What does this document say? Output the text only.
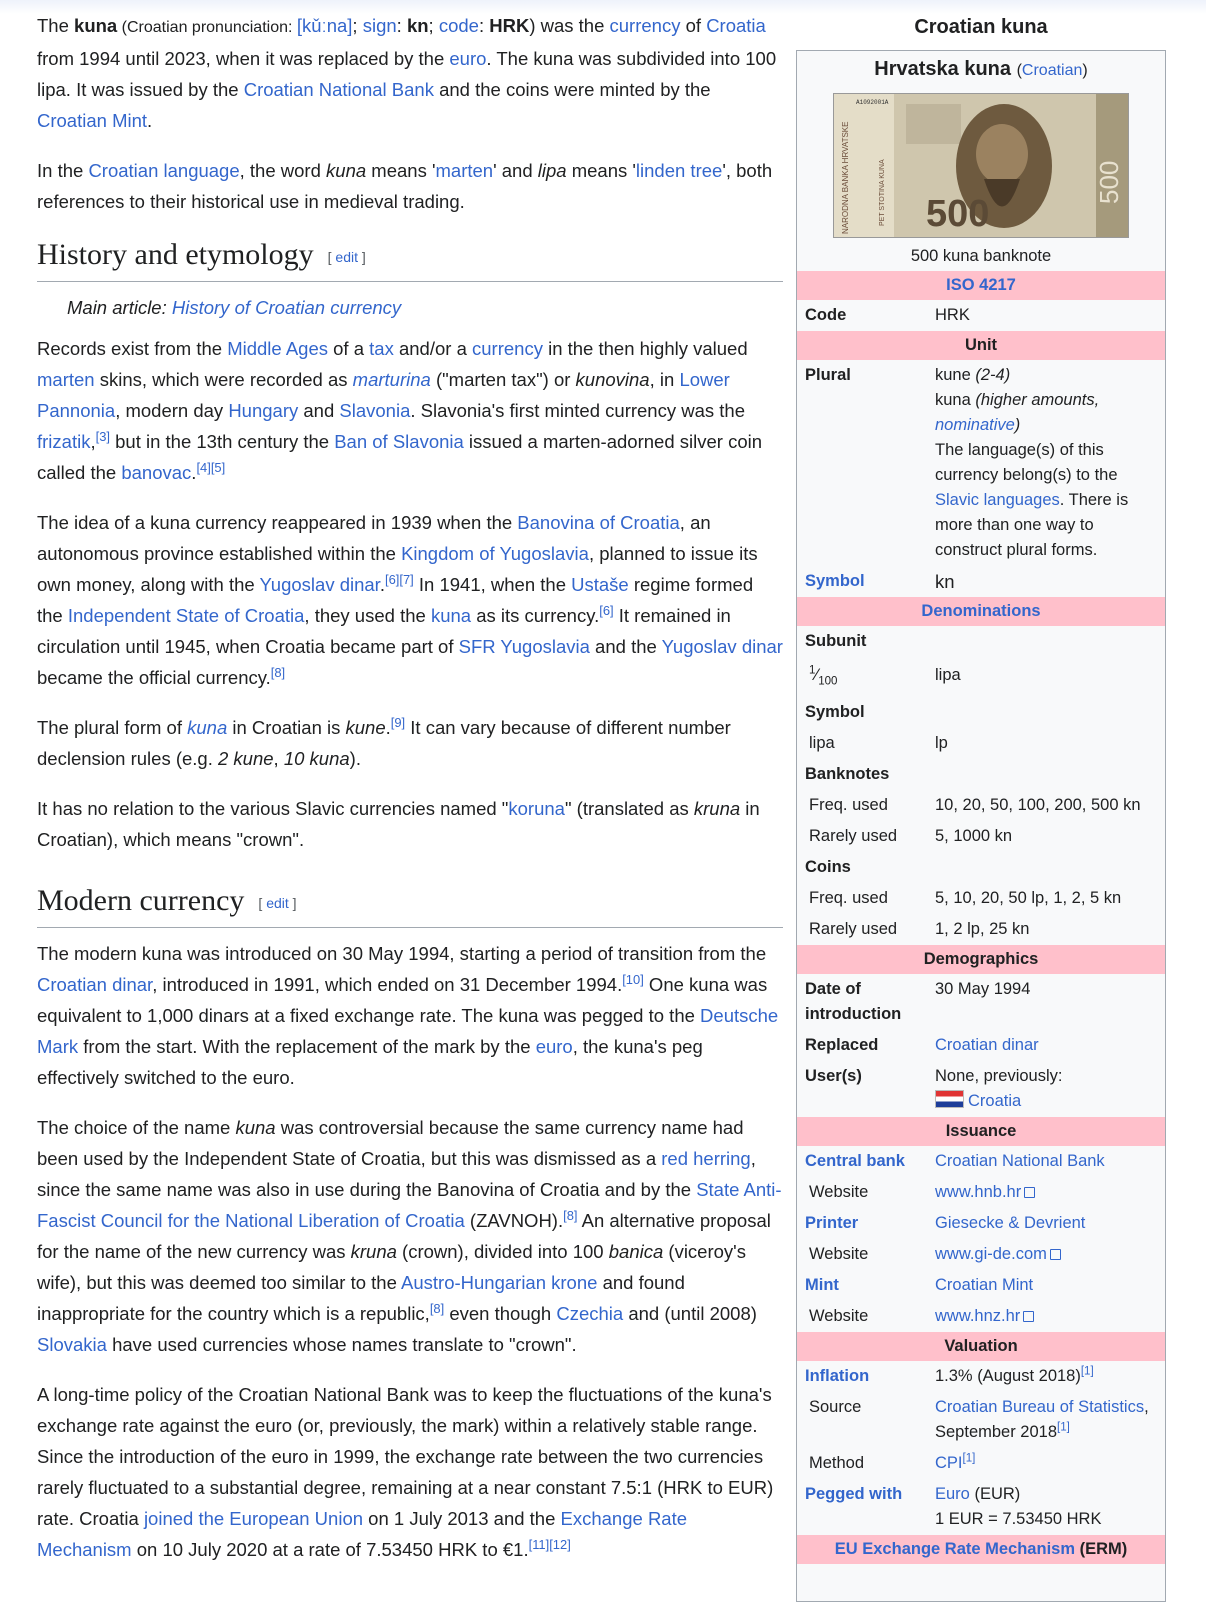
The kuna (Croatian pronunciation: [kǔːna]; sign: kn; code: HRK) was the currency of Croatia from 1994 until 2023, when it was replaced by the euro. The kuna was subdivided into 100 lipa. It was issued by the Croatian National Bank and the coins were minted by the Croatian Mint.

In the Croatian language, the word kuna means 'marten' and lipa means 'linden tree', both references to their historical use in medieval trading.

History and etymology [ edit ]
Main article: History of Croatian currency

Records exist from the Middle Ages of a tax and/or a currency in the then highly valued marten skins, which were recorded as marturina ("marten tax") or kunovina, in Lower Pannonia, modern day Hungary and Slavonia. Slavonia's first minted currency was the frizatik,[3] but in the 13th century the Ban of Slavonia issued a marten-adorned silver coin called the banovac.[4][5]

The idea of a kuna currency reappeared in 1939 when the Banovina of Croatia, an autonomous province established within the Kingdom of Yugoslavia, planned to issue its own money, along with the Yugoslav dinar.[6][7] In 1941, when the Ustaše regime formed the Independent State of Croatia, they used the kuna as its currency.[6] It remained in circulation until 1945, when Croatia became part of SFR Yugoslavia and the Yugoslav dinar became the official currency.[8]

The plural form of kuna in Croatian is kune.[9] It can vary because of different number declension rules (e.g. 2 kune, 10 kuna).

It has no relation to the various Slavic currencies named "koruna" (translated as kruna in Croatian), which means "crown".

Modern currency [ edit ]

The modern kuna was introduced on 30 May 1994, starting a period of transition from the Croatian dinar, introduced in 1991, which ended on 31 December 1994.[10] One kuna was equivalent to 1,000 dinars at a fixed exchange rate. The kuna was pegged to the Deutsche Mark from the start. With the replacement of the mark by the euro, the kuna's peg effectively switched to the euro.

The choice of the name kuna was controversial because the same currency name had been used by the Independent State of Croatia, but this was dismissed as a red herring, since the same name was also in use during the Banovina of Croatia and by the State Anti-Fascist Council for the National Liberation of Croatia (ZAVNOH).[8] An alternative proposal for the name of the new currency was kruna (crown), divided into 100 banica (viceroy's wife), but this was deemed too similar to the Austro-Hungarian krone and found inappropriate for the country which is a republic,[8] even though Czechia and (until 2008) Slovakia have used currencies whose names translate to "crown".

A long-time policy of the Croatian National Bank was to keep the fluctuations of the kuna's exchange rate against the euro (or, previously, the mark) within a relatively stable range. Since the introduction of the euro in 1999, the exchange rate between the two currencies rarely fluctuated to a substantial degree, remaining at a near constant 7.5:1 (HRK to EUR) rate. Croatia joined the European Union on 1 July 2013 and the Exchange Rate Mechanism on 10 July 2020 at a rate of 7.53450 HRK to €1.[11][12]

Croatian kuna
Hrvatska kuna (Croatian)
NARODNA BANKA HRVATSKE	PET STOTINA KUNA
A1092001A
500
500
500 kuna banknote
ISO 4217	
Code	HRK
Unit	
Plural	kune (2-4)
kuna (higher amounts, nominative)
The language(s) of this currency belong(s) to the Slavic languages. There is more than one way to construct plural forms.
Symbol	kn
Denominations	
Subunit	
$^1⁄_{100}$	lipa
Symbol	
lipa	lp
Banknotes	
Freq. used	10, 20, 50, 100, 200, 500 kn
Rarely used	5, 1000 kn
Coins	
Freq. used	5, 10, 20, 50 lp, 1, 2, 5 kn
Rarely used	1, 2 lp, 25 kn
Demographics	
Date of introduction	30 May 1994
Replaced	Croatian dinar
User(s)	None, previously:
Croatia
Issuance	
Central bank	Croatian National Bank
Website	www.hnb.hr
Printer	Giesecke & Devrient
Website	www.gi-de.com
Mint	Croatian Mint
Website	www.hnz.hr
Valuation	
Inflation	1.3% (August 2018)[1]
Source	Croatian Bureau of Statistics, September 2018[1]
Method	CPI[1]
Pegged with	Euro (EUR)
1 EUR = 7.53450 HRK
EU Exchange Rate Mechanism (ERM)	
